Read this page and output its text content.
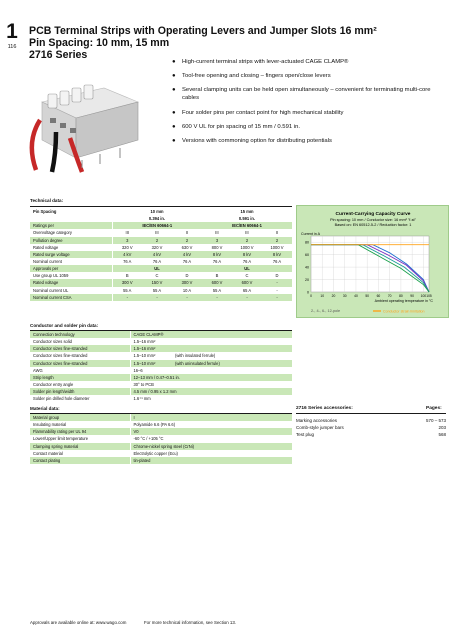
1
116
PCB Terminal Strips with Operating Levers and Jumper Slots 16 mm²
Pin Spacing: 10 mm, 15 mm
2716 Series
● High-current terminal strips with lever-actuated CAGE CLAMP®
● Tool-free opening and closing – fingers open/close levers
● Several clamping units can be held open simultaneously – convenient for terminating multi-core cables
● Four solder pins per contact point for high mechanical stability
● 600 V UL for pin spacing of 15 mm / 0.591 in.
● Versions with commoning option for distributing potentials
Technical data:
Pin Spacing	10 mm			15 mm		
	0.394 in.			0.591 in.		
Ratings per	IEC/EN 60664-1			IEC/EN 60664-1		
Overvoltage category	III	III	II	III	III	II
Pollution degree	3	2	2	3	2	2
Rated voltage	320 V	320 V	630 V	800 V	1000 V	1000 V
Rated surge voltage	4 kV	4 kV	4 kV	8 kV	8 kV	8 kV
Nominal current	76 A	76 A	76 A	76 A	76 A	76 A
Approvals per		UL			UL	
Use group UL 1059	B	C	D	B	C	D
Rated voltage	300 V	150 V	300 V	600 V	600 V	-
Nominal current UL	55 A	55 A	10 A	55 A	65 A	-
Nominal current CSA	-	-	-	-	-	-
Current-Carrying Capacity Curve
Pin spacing: 10 mm / Conductor size: 16 mm² "f-st"
Based on: EN 60512-5-2 / Reduction factor: 1
Current in A
0
20
40
60
80
0	10 20 30 40 50 60 70 80 90 100 105
Ambient operating temperature in °C
2-, 4-, 6-, 12-pole	Conductor strain limitation
Conductor and solder pin data:
Connection technology	CAGE CLAMP®	
Conductor sizes solid	1.5–16 mm²	
Conductor sizes fine-stranded	1.5–16 mm²	
Conductor sizes fine-stranded	1.5–10 mm²	(with insulated ferrule)
Conductor sizes fine-stranded	1.5–10 mm²	(with uninsulated ferrule)
AWG	16–6	
Strip length	12–13 mm / 0.47–0.51 in.	
Conductor entry angle	30° to PCB	
Solder pin length/width	4.5 mm / 0.95 x 1.2 mm	
Solder pin drilled hole diameter	1.6⁺¹ mm	
Material data:
Material group	I
Insulating material	Polyamide 6.6 (PA 6.6)
Flammability rating per UL 94	V0
Lower/Upper limit temperature	-60 °C / +105 °C
Clamping spring material	Chrome-nickel spring steel (CrNi)
Contact material	Electrolytic copper (Ecu)
Contact plating	tin-plated
2716 Series accessories:	Pages:
Marking accessories	570 – 573
Comb-style jumper bars	203
Test plug	568
Approvals are available online at: www.wago.com	For more technical information, see Section 13.
